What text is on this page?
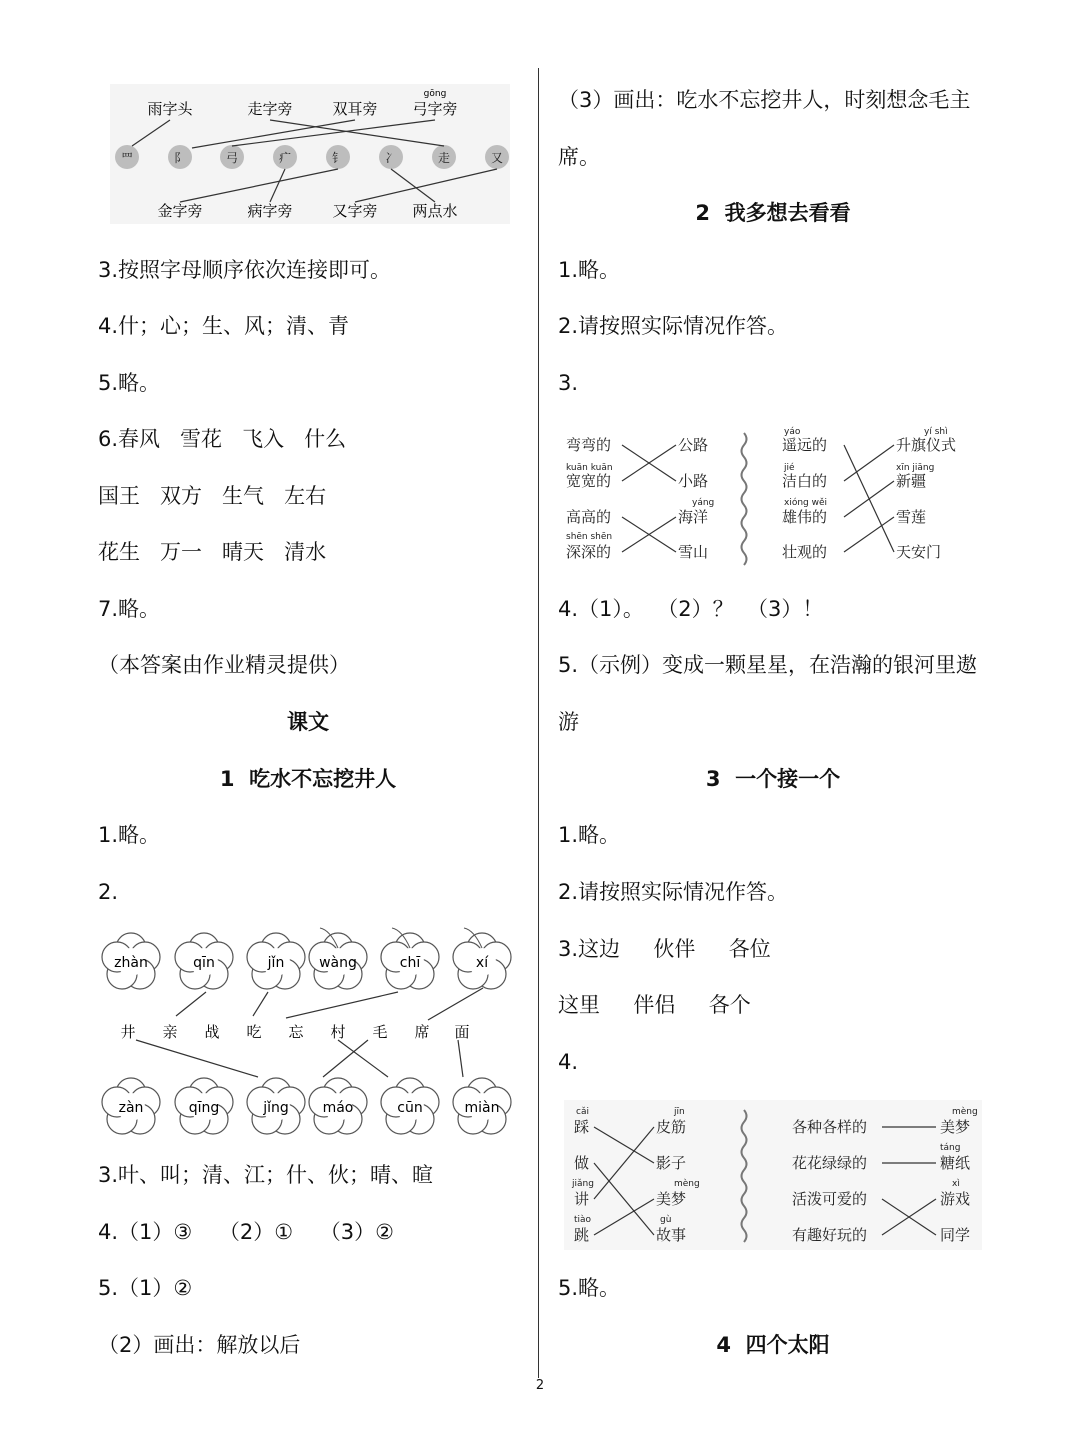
雨字头	走字旁	双耳旁
gōng
弓字旁
⺫	阝	弓	疒	钅	冫	走	又
金字旁	病字旁	又字旁 两点水
3.按照字母顺序依次连接即可。
4.什；心；生、风；清、青
5.略。
6.春风   雪花   飞入   什么
国王   双方   生气   左右
花生   万一   晴天   清水
7.略。
（本答案由作业精灵提供）
课文
1  吃水不忘挖井人
1.略。
2.
zhàn	qīn	jǐn wàng	chī	xí
井 亲 战 吃 忘 村 毛 席 面
zàn	qīng	jǐng máo	cūn	miàn
3.叶、叫；清、江；什、伙；晴、暄
4.（1）③    （2）①    （3）②
5.（1）②
（2）画出：解放以后
（3）画出：吃水不忘挖井人，时刻想念毛主
席。
2  我多想去看看
1.略。
2.请按照实际情况作答。
3.
弯弯的
kuān kuān
宽宽的
高高的
shēn shēn
深深的
公路
小路
yáng
海洋
雪山
yáo
遥远的
jié
洁白的
xióng wěi
雄伟的
壮观的
yí shì
升旗仪式
xīn jiāng
新疆
雪莲
天安门
4.（1）。  （2）？  （3）！
5.（示例）变成一颗星星，在浩瀚的银河里遨
游
3  一个接一个
1.略。
2.请按照实际情况作答。
3.这边     伙伴     各位
这里     伴侣     各个
4.
cǎi
踩
做
jiǎng
讲
tiào
跳
jīn
皮筋
影子
mèng
美梦
gù
故事
各种各样的
花花绿绿的
活泼可爱的
有趣好玩的
mèng
美梦
táng
糖纸
xì
游戏
同学
5.略。
4  四个太阳
2
